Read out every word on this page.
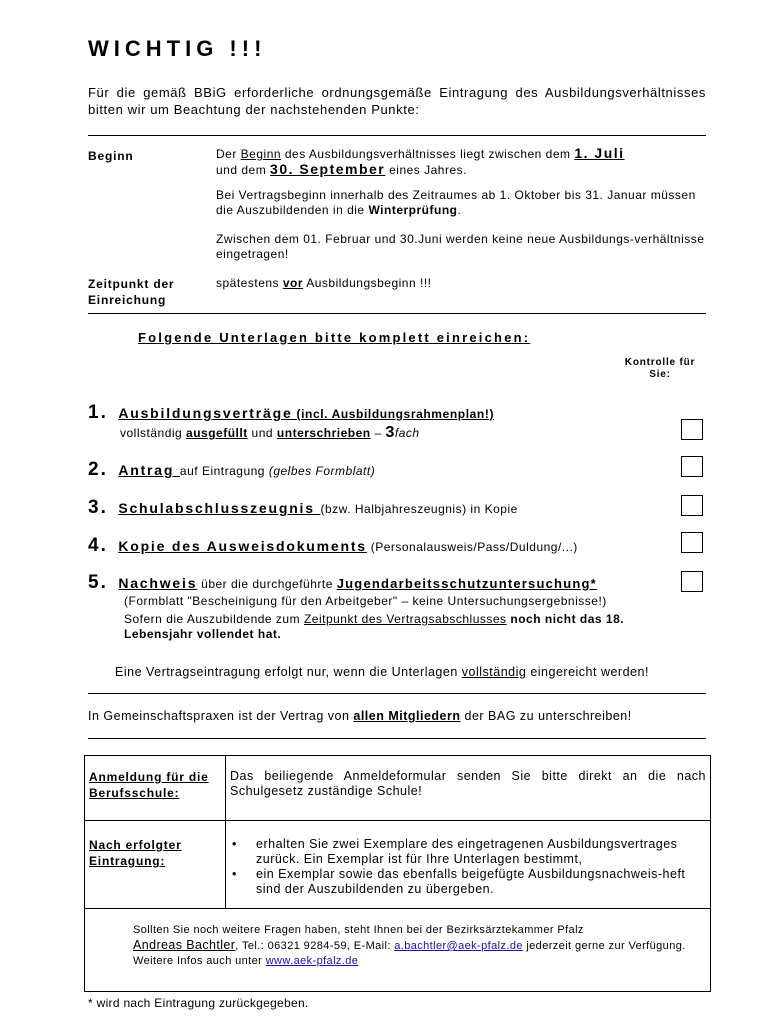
WICHTIG !!!
Für die gemäß BBiG erforderliche ordnungsgemäße Eintragung des Ausbildungsverhältnisses bitten wir um Beachtung der nachstehenden Punkte:
Beginn	Der Beginn des Ausbildungsverhältnisses liegt zwischen dem 1. Juli
und dem 30. September eines Jahres.
Bei Vertragsbeginn innerhalb des Zeitraumes ab 1. Oktober bis 31. Januar müssen die Auszubildenden in die Winterprüfung.
Zwischen dem 01. Februar und 30.Juni werden keine neue Ausbildungs-verhältnisse eingetragen!
Zeitpunkt der Einreichung
spätestens vor Ausbildungsbeginn !!!
Folgende Unterlagen bitte komplett einreichen:
Kontrolle für Sie:
1. Ausbildungsverträge (incl. Ausbildungsrahmenplan!)
vollständig ausgefüllt und unterschrieben – 3fach
2. Antrag auf Eintragung (gelbes Formblatt)
3. Schulabschlusszeugnis (bzw. Halbjahreszeugnis) in Kopie
4. Kopie des Ausweisdokuments (Personalausweis/Pass/Duldung/...)
5. Nachweis über die durchgeführte Jugendarbeitsschutzuntersuchung*
(Formblatt "Bescheinigung für den Arbeitgeber" – keine Untersuchungsergebnisse!)
Sofern die Auszubildende zum Zeitpunkt des Vertragsabschlusses noch nicht das 18. Lebensjahr vollendet hat.
Eine Vertragseintragung erfolgt nur, wenn die Unterlagen vollständig eingereicht werden!
In Gemeinschaftspraxen ist der Vertrag von allen Mitgliedern der BAG zu unterschreiben!
Anmeldung für die Berufsschule:
Das beiliegende Anmeldeformular senden Sie bitte direkt an die nach Schulgesetz zuständige Schule!
Nach erfolgter Eintragung:
• erhalten Sie zwei Exemplare des eingetragenen Ausbildungsvertrages zurück. Ein Exemplar ist für Ihre Unterlagen bestimmt,
• ein Exemplar sowie das ebenfalls beigefügte Ausbildungsnachweis-heft sind der Auszubildenden zu übergeben.
Sollten Sie noch weitere Fragen haben, steht Ihnen bei der Bezirksärztekammer Pfalz
Andreas Bachtler, Tel.: 06321 9284-59, E-Mail: a.bachtler@aek-pfalz.de jederzeit gerne zur Verfügung. Weitere Infos auch unter www.aek-pfalz.de
* wird nach Eintragung zurückgegeben.
